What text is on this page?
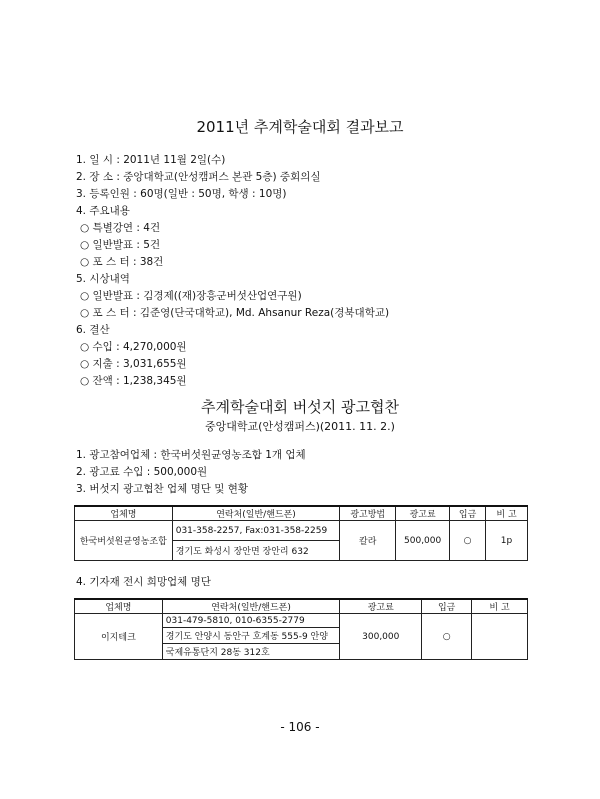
2011년 추계학술대회 결과보고
1. 일 시 : 2011년 11월 2일(수)
2. 장 소 : 중앙대학교(안성캠퍼스 본관 5층) 중회의실
3. 등록인원 : 60명(일반 : 50명, 학생 : 10명)
4. 주요내용
○ 특별강연 : 4건
○ 일반발표 : 5건
○ 포 스 터 : 38건
5. 시상내역
○ 일반발표 : 김경제((재)장흥군버섯산업연구원)
○ 포 스 터 : 김준영(단국대학교), Md. Ahsanur Reza(경북대학교)
6. 결산
○ 수입 : 4,270,000원
○ 지출 : 3,031,655원
○ 잔액 : 1,238,345원
추계학술대회 버섯지 광고협찬
중앙대학교(안성캠퍼스)(2011. 11. 2.)
1. 광고참여업체 : 한국버섯원균영농조합 1개 업체
2. 광고료 수입 : 500,000원
3. 버섯지 광고협찬 업체 명단 및 현황
업체명	연락처(일반/핸드폰)	광고방법	광고료	입금	비 고
한국버섯원균영농조합	031-358-2257, Fax:031-358-2259	칼라	500,000	○	1p
	경기도 화성시 장안면 장안리 632				
4. 기자재 전시 희망업체 명단
업체명	연락처(일반/핸드폰)	광고료	입금	비 고
이지테크	031-479-5810, 010-6355-2779	300,000	○	
	경기도 안양시 동안구 호계동 555-9 안양			
	국제유통단지 28동 312호			
- 106 -
